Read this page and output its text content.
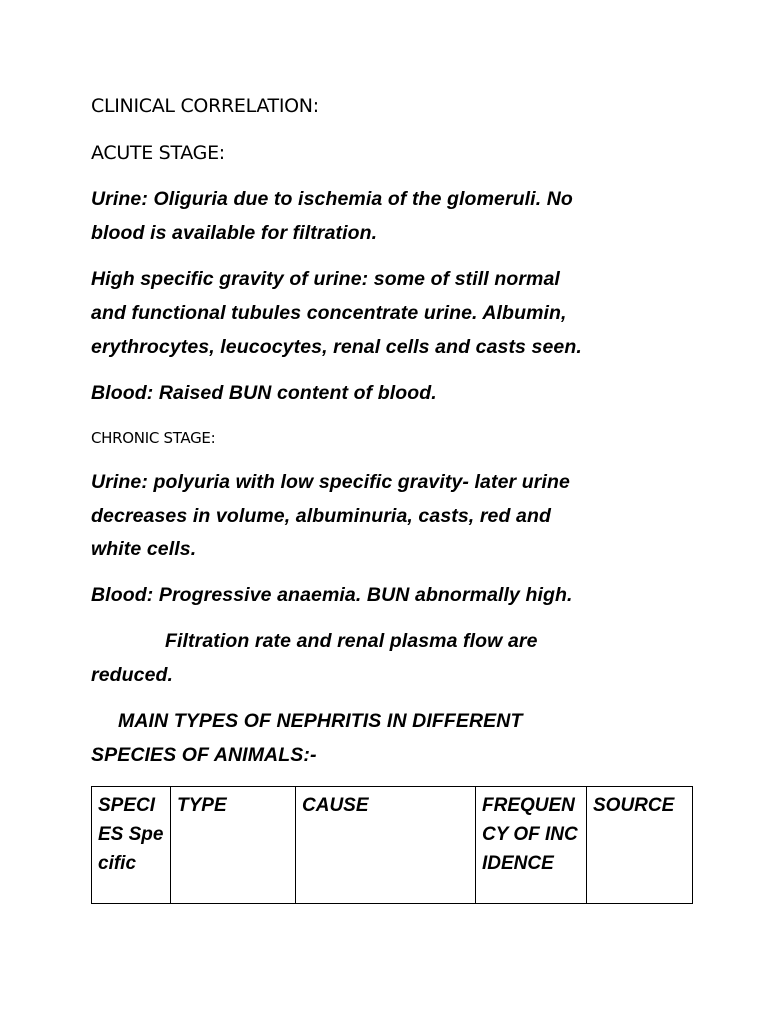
CLINICAL CORRELATION:

ACUTE STAGE:

Urine: Oliguria due to ischemia of the glomeruli. No

blood is available for filtration.

High specific gravity of urine: some of still normal

and functional tubules concentrate urine. Albumin,

erythrocytes, leucocytes, renal cells and casts seen.

Blood: Raised BUN content of blood.

CHRONIC STAGE:

Urine: polyuria with low specific gravity- later urine

decreases in volume, albuminuria, casts, red and

white cells.

Blood: Progressive anaemia. BUN abnormally high.

Filtration rate and renal plasma flow are

reduced.

MAIN TYPES OF NEPHRITIS IN DIFFERENT

SPECIES OF ANIMALS:-

SPECIES Specific	TYPE	CAUSE	FREQUENCY OF INCIDENCE	SOURCE
